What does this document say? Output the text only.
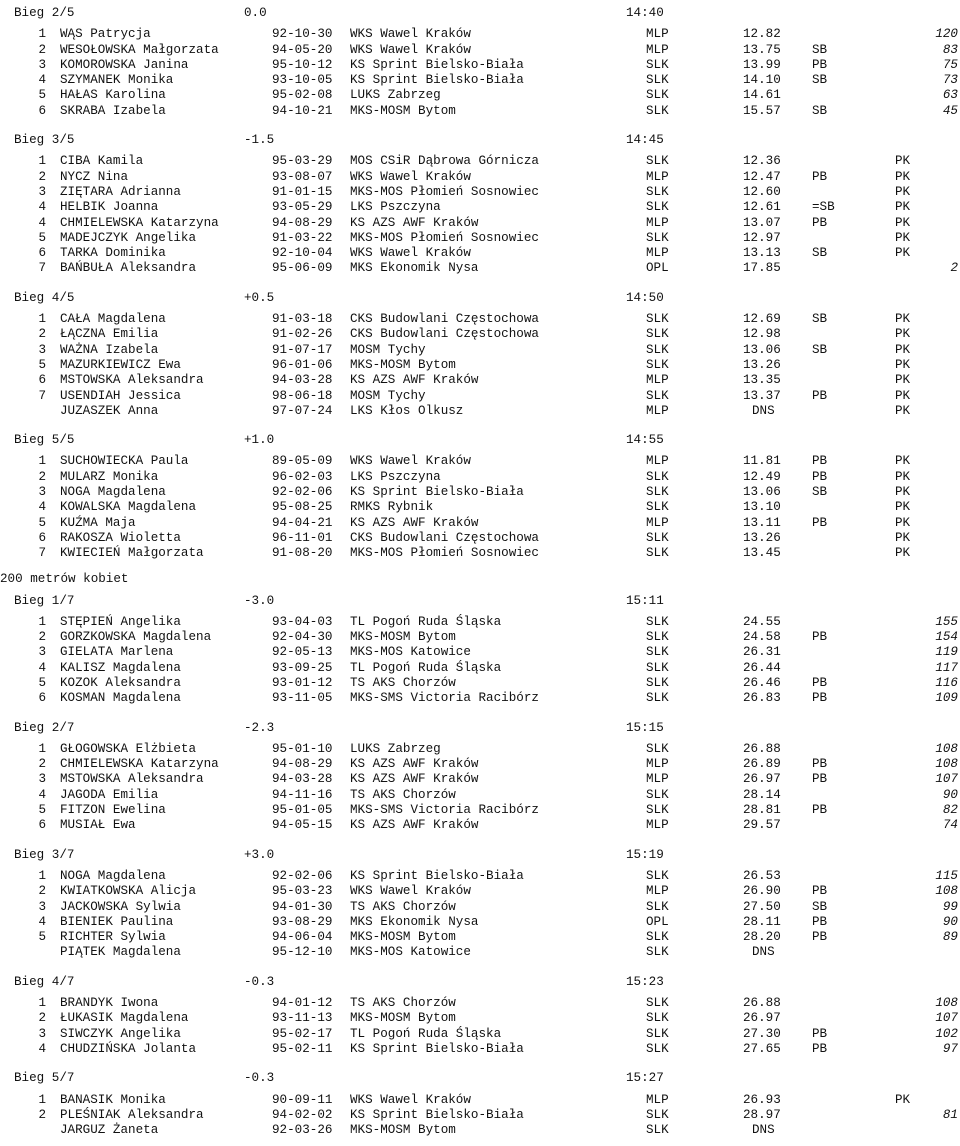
Bieg 2/5	0.0	14:40
1 WĄS Patrycja	92-10-30 WKS Wawel Kraków	MLP	12.82	120
2 WESOŁOWSKA Małgorzata	94-05-20 WKS Wawel Kraków	MLP	13.75 SB	83
3 KOMOROWSKA Janina	95-10-12 KS Sprint Bielsko-Biała	SLK	13.99 PB	75
4 SZYMANEK Monika	93-10-05 KS Sprint Bielsko-Biała	SLK	14.10 SB	73
5 HAŁAS Karolina	95-02-08 LUKS Zabrzeg	SLK	14.61	63
6 SKRABA Izabela	94-10-21 MKS-MOSM Bytom	SLK	15.57 SB	45
Bieg 3/5	-1.5	14:45
1 CIBA Kamila	95-03-29 MOS CSiR Dąbrowa Górnicza	SLK	12.36	PK
2 NYCZ Nina	93-08-07 WKS Wawel Kraków	MLP	12.47 PB	PK
3 ZIĘTARA Adrianna	91-01-15 MKS-MOS Płomień Sosnowiec	SLK	12.60	PK
4 HELBIK Joanna	93-05-29 LKS Pszczyna	SLK	12.61 =SB	PK
4 CHMIELEWSKA Katarzyna	94-08-29 KS AZS AWF Kraków	MLP	13.07 PB	PK
5 MADEJCZYK Angelika	91-03-22 MKS-MOS Płomień Sosnowiec	SLK	12.97	PK
6 TARKA Dominika	92-10-04 WKS Wawel Kraków	MLP	13.13 SB	PK
7 BAŃBUŁA Aleksandra	95-06-09 MKS Ekonomik Nysa	OPL	17.85	2
Bieg 4/5	+0.5	14:50
1 CAŁA Magdalena	91-03-18 CKS Budowlani Częstochowa	SLK	12.69 SB	PK
2 ŁĄCZNA Emilia	91-02-26 CKS Budowlani Częstochowa	SLK	12.98	PK
3 WAŻNA Izabela	91-07-17 MOSM Tychy	SLK	13.06 SB	PK
5 MAZURKIEWICZ Ewa	96-01-06 MKS-MOSM Bytom	SLK	13.26	PK
6 MSTOWSKA Aleksandra	94-03-28 KS AZS AWF Kraków	MLP	13.35	PK
7 USENDIAH Jessica	98-06-18 MOSM Tychy	SLK	13.37 PB	PK
JUZASZEK Anna	97-07-24 LKS Kłos Olkusz	MLP	DNS	PK
Bieg 5/5	+1.0	14:55
1 SUCHOWIECKA Paula	89-05-09 WKS Wawel Kraków	MLP	11.81 PB	PK
2 MULARZ Monika	96-02-03 LKS Pszczyna	SLK	12.49 PB	PK
3 NOGA Magdalena	92-02-06 KS Sprint Bielsko-Biała	SLK	13.06 SB	PK
4 KOWALSKA Magdalena	95-08-25 RMKS Rybnik	SLK	13.10	PK
5 KUŹMA Maja	94-04-21 KS AZS AWF Kraków	MLP	13.11 PB	PK
6 RAKOSZA Wioletta	96-11-01 CKS Budowlani Częstochowa	SLK	13.26	PK
7 KWIECIEŃ Małgorzata	91-08-20 MKS-MOS Płomień Sosnowiec	SLK	13.45	PK
200 metrów kobiet
Bieg 1/7	-3.0	15:11
1 STĘPIEŃ Angelika	93-04-03 TL Pogoń Ruda Śląska	SLK	24.55	155
2 GORZKOWSKA Magdalena	92-04-30 MKS-MOSM Bytom	SLK	24.58 PB	154
3 GIELATA Marlena	92-05-13 MKS-MOS Katowice	SLK	26.31	119
4 KALISZ Magdalena	93-09-25 TL Pogoń Ruda Śląska	SLK	26.44	117
5 KOZOK Aleksandra	93-01-12 TS AKS Chorzów	SLK	26.46 PB	116
6 KOSMAN Magdalena	93-11-05 MKS-SMS Victoria Racibórz	SLK	26.83 PB	109
Bieg 2/7	-2.3	15:15
1 GŁOGOWSKA Elżbieta	95-01-10 LUKS Zabrzeg	SLK	26.88	108
2 CHMIELEWSKA Katarzyna	94-08-29 KS AZS AWF Kraków	MLP	26.89 PB	108
3 MSTOWSKA Aleksandra	94-03-28 KS AZS AWF Kraków	MLP	26.97 PB	107
4 JAGODA Emilia	94-11-16 TS AKS Chorzów	SLK	28.14	90
5 FITZON Ewelina	95-01-05 MKS-SMS Victoria Racibórz	SLK	28.81 PB	82
6 MUSIAŁ Ewa	94-05-15 KS AZS AWF Kraków	MLP	29.57	74
Bieg 3/7	+3.0	15:19
1 NOGA Magdalena	92-02-06 KS Sprint Bielsko-Biała	SLK	26.53	115
2 KWIATKOWSKA Alicja	95-03-23 WKS Wawel Kraków	MLP	26.90 PB	108
3 JACKOWSKA Sylwia	94-01-30 TS AKS Chorzów	SLK	27.50 SB	99
4 BIENIEK Paulina	93-08-29 MKS Ekonomik Nysa	OPL	28.11 PB	90
5 RICHTER Sylwia	94-06-04 MKS-MOSM Bytom	SLK	28.20 PB	89
PIĄTEK Magdalena	95-12-10 MKS-MOS Katowice	SLK	DNS
Bieg 4/7	-0.3	15:23
1 BRANDYK Iwona	94-01-12 TS AKS Chorzów	SLK	26.88	108
2 ŁUKASIK Magdalena	93-11-13 MKS-MOSM Bytom	SLK	26.97	107
3 SIWCZYK Angelika	95-02-17 TL Pogoń Ruda Śląska	SLK	27.30 PB	102
4 CHUDZIŃSKA Jolanta	95-02-11 KS Sprint Bielsko-Biała	SLK	27.65 PB	97
Bieg 5/7	-0.3	15:27
1 BANASIK Monika	90-09-11 WKS Wawel Kraków	MLP	26.93	PK
2 PLEŚNIAK Aleksandra	94-02-02 KS Sprint Bielsko-Biała	SLK	28.97	81
JARGUZ Żaneta	92-03-26 MKS-MOSM Bytom	SLK	DNS
